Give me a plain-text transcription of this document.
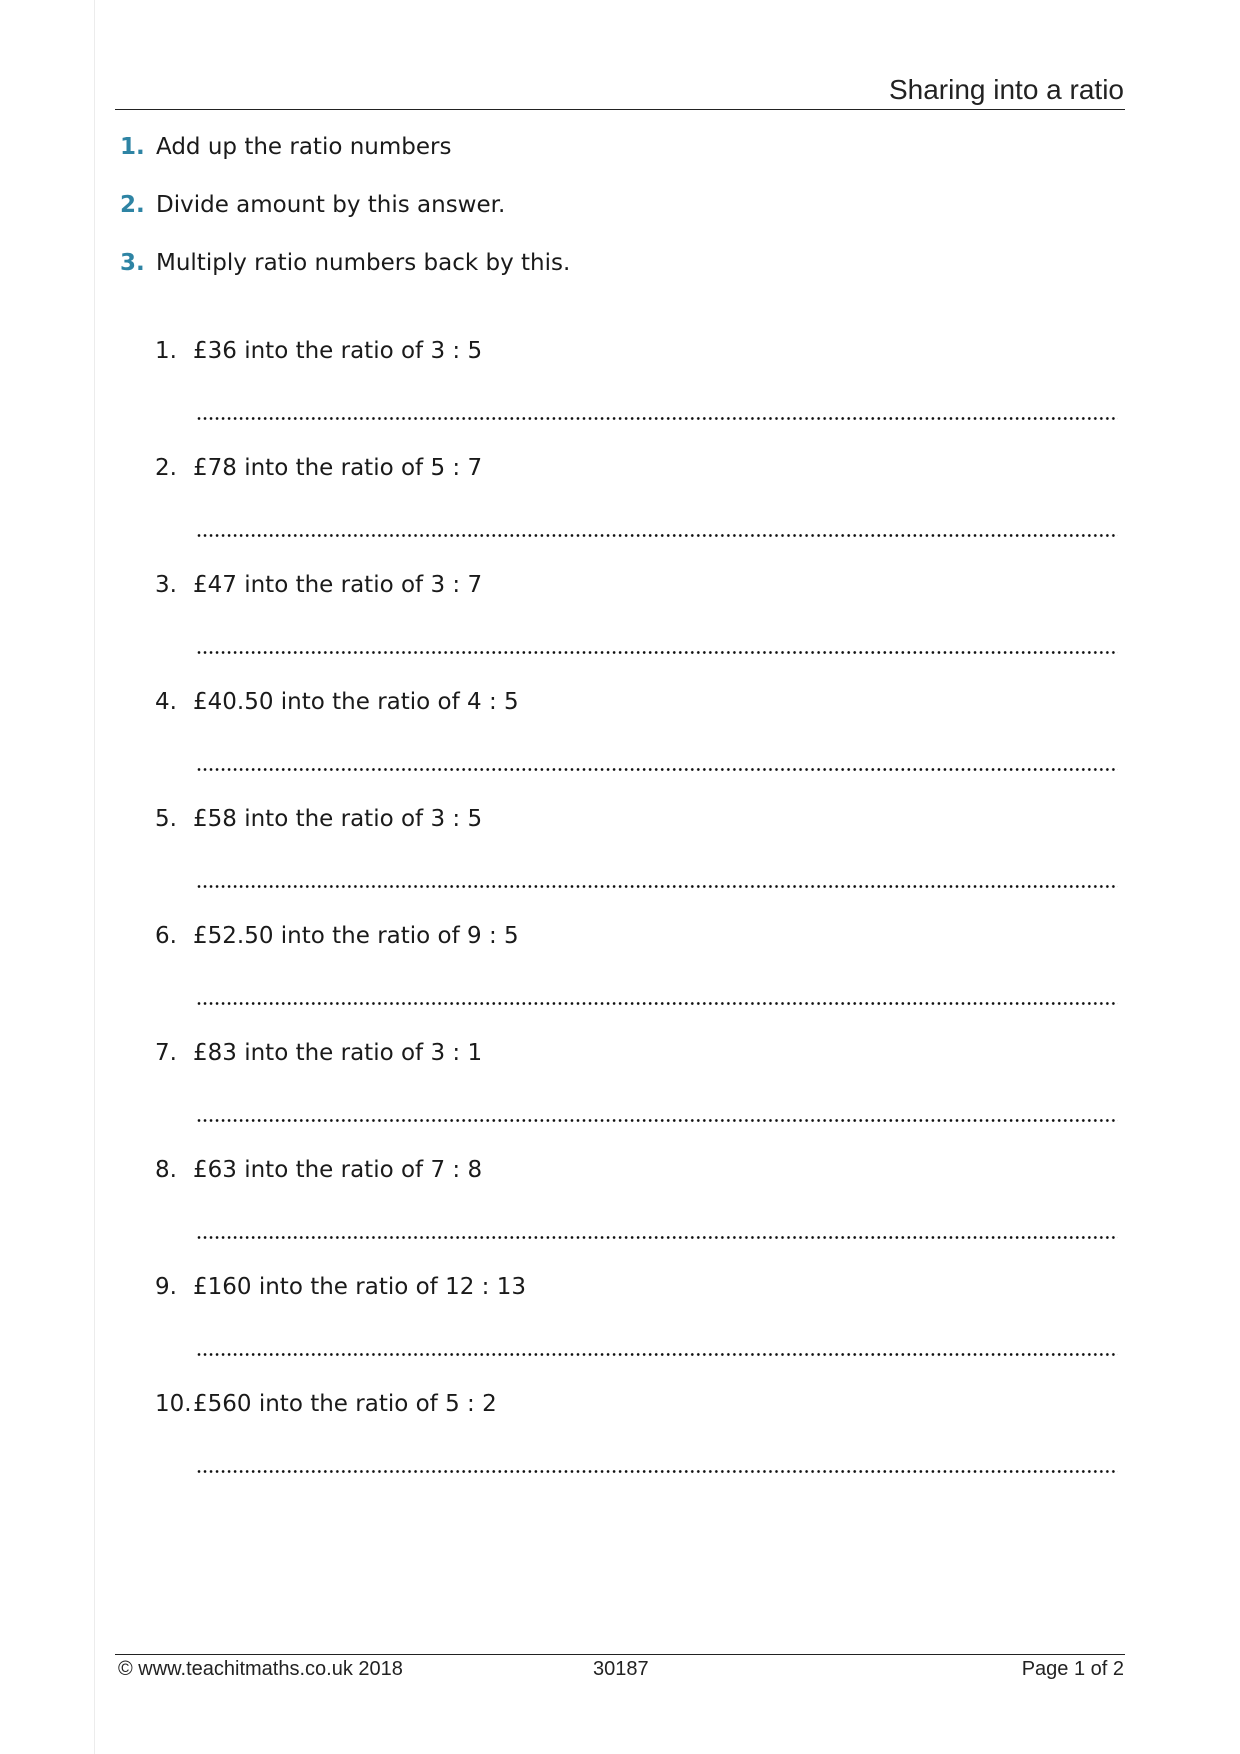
Sharing into a ratio
1. Add up the ratio numbers
2. Divide amount by this answer.
3. Multiply ratio numbers back by this.
1. £36 into the ratio of 3 : 5
2. £78 into the ratio of 5 : 7
3. £47 into the ratio of 3 : 7
4. £40.50 into the ratio of 4 : 5
5. £58 into the ratio of 3 : 5
6. £52.50 into the ratio of 9 : 5
7. £83 into the ratio of 3 : 1
8. £63 into the ratio of 7 : 8
9. £160 into the ratio of 12 : 13
10.£560 into the ratio of 5 : 2
© www.teachitmaths.co.uk 2018	30187	Page 1 of 2
